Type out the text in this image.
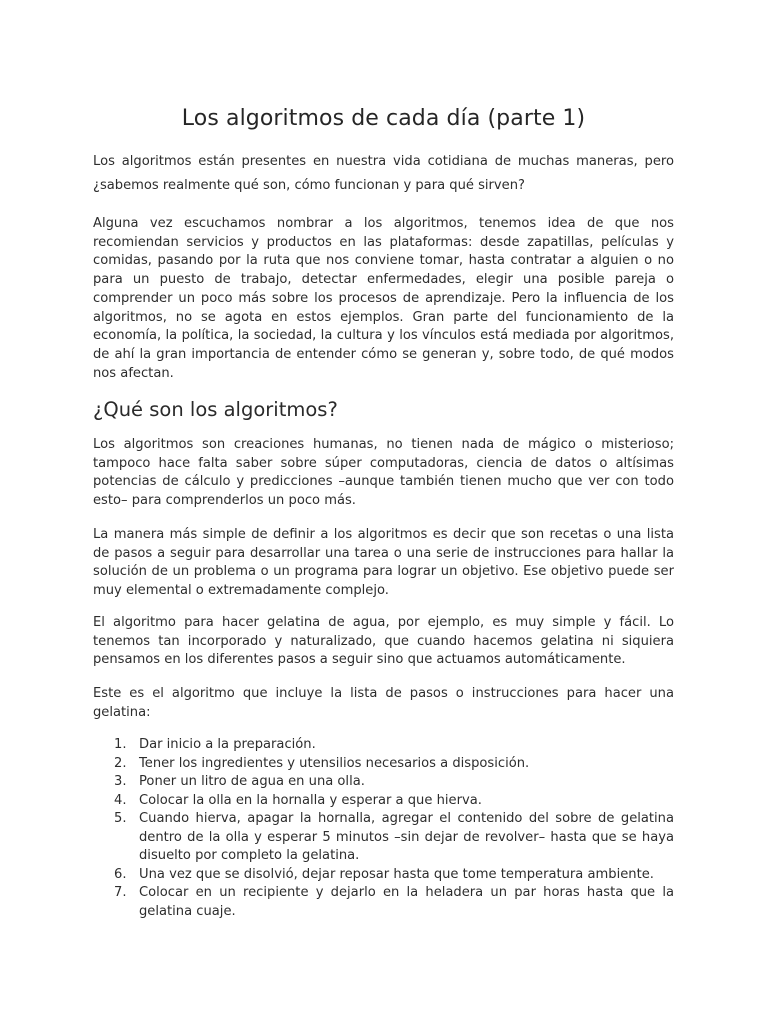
Los algoritmos de cada día (parte 1)

Los algoritmos están presentes en nuestra vida cotidiana de muchas maneras, pero ¿sabemos realmente qué son, cómo funcionan y para qué sirven?

Alguna vez escuchamos nombrar a los algoritmos, tenemos idea de que nos recomiendan servicios y productos en las plataformas: desde zapatillas, películas y comidas, pasando por la ruta que nos conviene tomar, hasta contratar a alguien o no para un puesto de trabajo, detectar enfermedades, elegir una posible pareja o comprender un poco más sobre los procesos de aprendizaje. Pero la influencia de los algoritmos, no se agota en estos ejemplos. Gran parte del funcionamiento de la economía, la política, la sociedad, la cultura y los vínculos está mediada por algoritmos, de ahí la gran importancia de entender cómo se generan y, sobre todo, de qué modos nos afectan.

¿Qué son los algoritmos?

Los algoritmos son creaciones humanas, no tienen nada de mágico o misterioso; tampoco hace falta saber sobre súper computadoras, ciencia de datos o altísimas potencias de cálculo y predicciones –aunque también tienen mucho que ver con todo esto– para comprenderlos un poco más.

La manera más simple de definir a los algoritmos es decir que son recetas o una lista de pasos a seguir para desarrollar una tarea o una serie de instrucciones para hallar la solución de un problema o un programa para lograr un objetivo. Ese objetivo puede ser muy elemental o extremadamente complejo.

El algoritmo para hacer gelatina de agua, por ejemplo, es muy simple y fácil. Lo tenemos tan incorporado y naturalizado, que cuando hacemos gelatina ni siquiera pensamos en los diferentes pasos a seguir sino que actuamos automáticamente.

Este es el algoritmo que incluye la lista de pasos o instrucciones para hacer una gelatina:

1. Dar inicio a la preparación.
2. Tener los ingredientes y utensilios necesarios a disposición.
3. Poner un litro de agua en una olla.
4. Colocar la olla en la hornalla y esperar a que hierva.
5. Cuando hierva, apagar la hornalla, agregar el contenido del sobre de gelatina dentro de la olla y esperar 5 minutos –sin dejar de revolver– hasta que se haya disuelto por completo la gelatina.
6. Una vez que se disolvió, dejar reposar hasta que tome temperatura ambiente.
7. Colocar en un recipiente y dejarlo en la heladera un par horas hasta que la gelatina cuaje.
